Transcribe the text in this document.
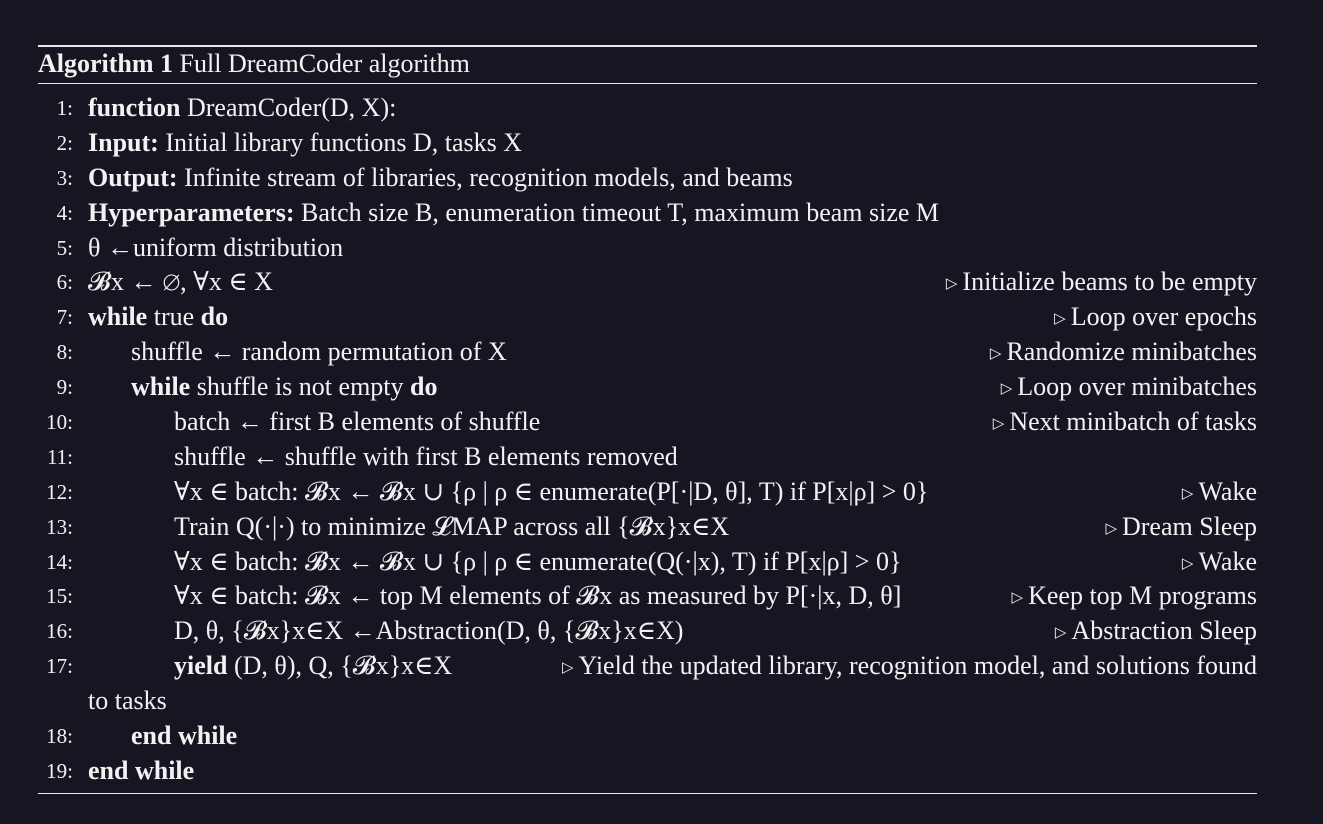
Algorithm 1 Full DreamCoder algorithm
1: function DreamCoder(D, X):
2: Input: Initial library functions D, tasks X
3: Output: Infinite stream of libraries, recognition models, and beams
4: Hyperparameters: Batch size B, enumeration timeout T, maximum beam size M
5: θ ←uniform distribution
6: 𝓑x ← ∅, ∀x ∈ X	▷ Initialize beams to be empty
7: while true do	▷ Loop over epochs
8: shuffle ← random permutation of X	▷ Randomize minibatches
9: while shuffle is not empty do	▷ Loop over minibatches
10:	batch ← first B elements of shuffle	▷ Next minibatch of tasks
11:	shuffle ← shuffle with first B elements removed
12:	∀x ∈ batch: 𝓑x ← 𝓑x ∪ {ρ | ρ ∈ enumerate(P[·|D, θ], T) if P[x|ρ] > 0}	▷ Wake
13:	Train Q(·|·) to minimize 𝓛MAP across all {𝓑x}x∈X	▷ Dream Sleep
14:	∀x ∈ batch: 𝓑x ← 𝓑x ∪ {ρ | ρ ∈ enumerate(Q(·|x), T) if P[x|ρ] > 0}	▷ Wake
15:	∀x ∈ batch: 𝓑x ← top M elements of 𝓑x as measured by P[·|x, D, θ]	▷ Keep top M programs
16:	D, θ, {𝓑x}x∈X ←Abstraction(D, θ, {𝓑x}x∈X)	▷ Abstraction Sleep
17:	yield (D, θ), Q, {𝓑x}x∈X	▷ Yield the updated library, recognition model, and solutions found
to tasks
18: end while
19: end while
